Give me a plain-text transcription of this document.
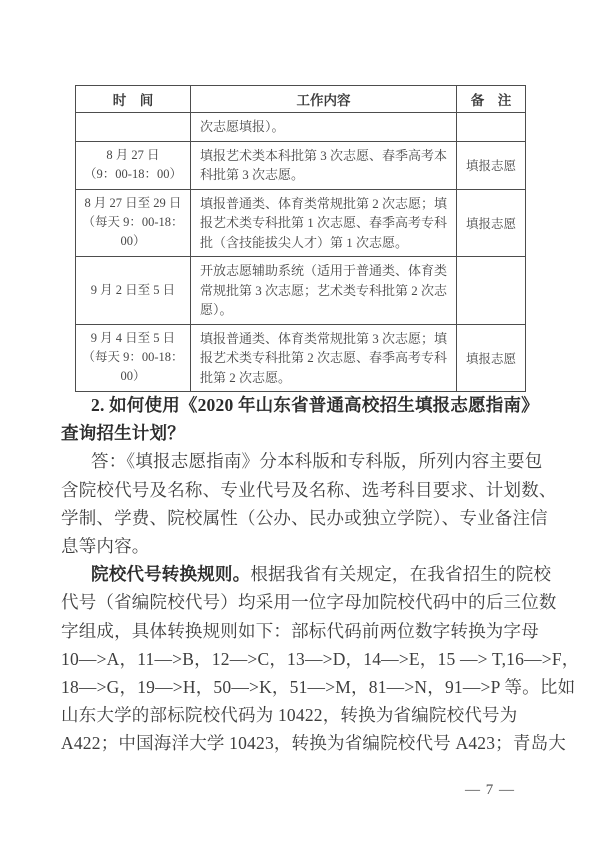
时　间	工作内容	备　注

	次志愿填报）。	

8 月 27 日
（9：00-18：00）	填报艺术类本科批第 3 次志愿、春季高考本科批第 3 次志愿。	填报志愿

8 月 27 日至 29 日
（每天 9：00-18：00）	填报普通类、体育类常规批第 2 次志愿；填报艺术类专科批第 1 次志愿、春季高考专科批（含技能拔尖人才）第 1 次志愿。	填报志愿

9 月 2 日至 5 日	开放志愿辅助系统（适用于普通类、体育类常规批第 3 次志愿；艺术类专科批第 2 次志愿）。	

9 月 4 日至 5 日
（每天 9：00-18：00）	填报普通类、体育类常规批第 3 次志愿；填报艺术类专科批第 2 次志愿、春季高考专科批第 2 次志愿。	填报志愿
2. 如何使用《2020 年山东省普通高校招生填报志愿指南》
查询招生计划？
答：《填报志愿指南》分本科版和专科版，所列内容主要包
含院校代号及名称、专业代号及名称、选考科目要求、计划数、
学制、学费、院校属性（公办、民办或独立学院）、专业备注信
息等内容。
院校代号转换规则。根据我省有关规定，在我省招生的院校
代号（省编院校代号）均采用一位字母加院校代码中的后三位数
字组成，具体转换规则如下：部标代码前两位数字转换为字母
10—>A，11—>B，12—>C，13—>D，14—>E，15 —> T,16—>F，
18—>G，19—>H，50—>K，51—>M，81—>N，91—>P 等。比如
山东大学的部标院校代码为 10422，转换为省编院校代号为
A422；中国海洋大学 10423，转换为省编院校代号 A423；青岛大
— 7 —
